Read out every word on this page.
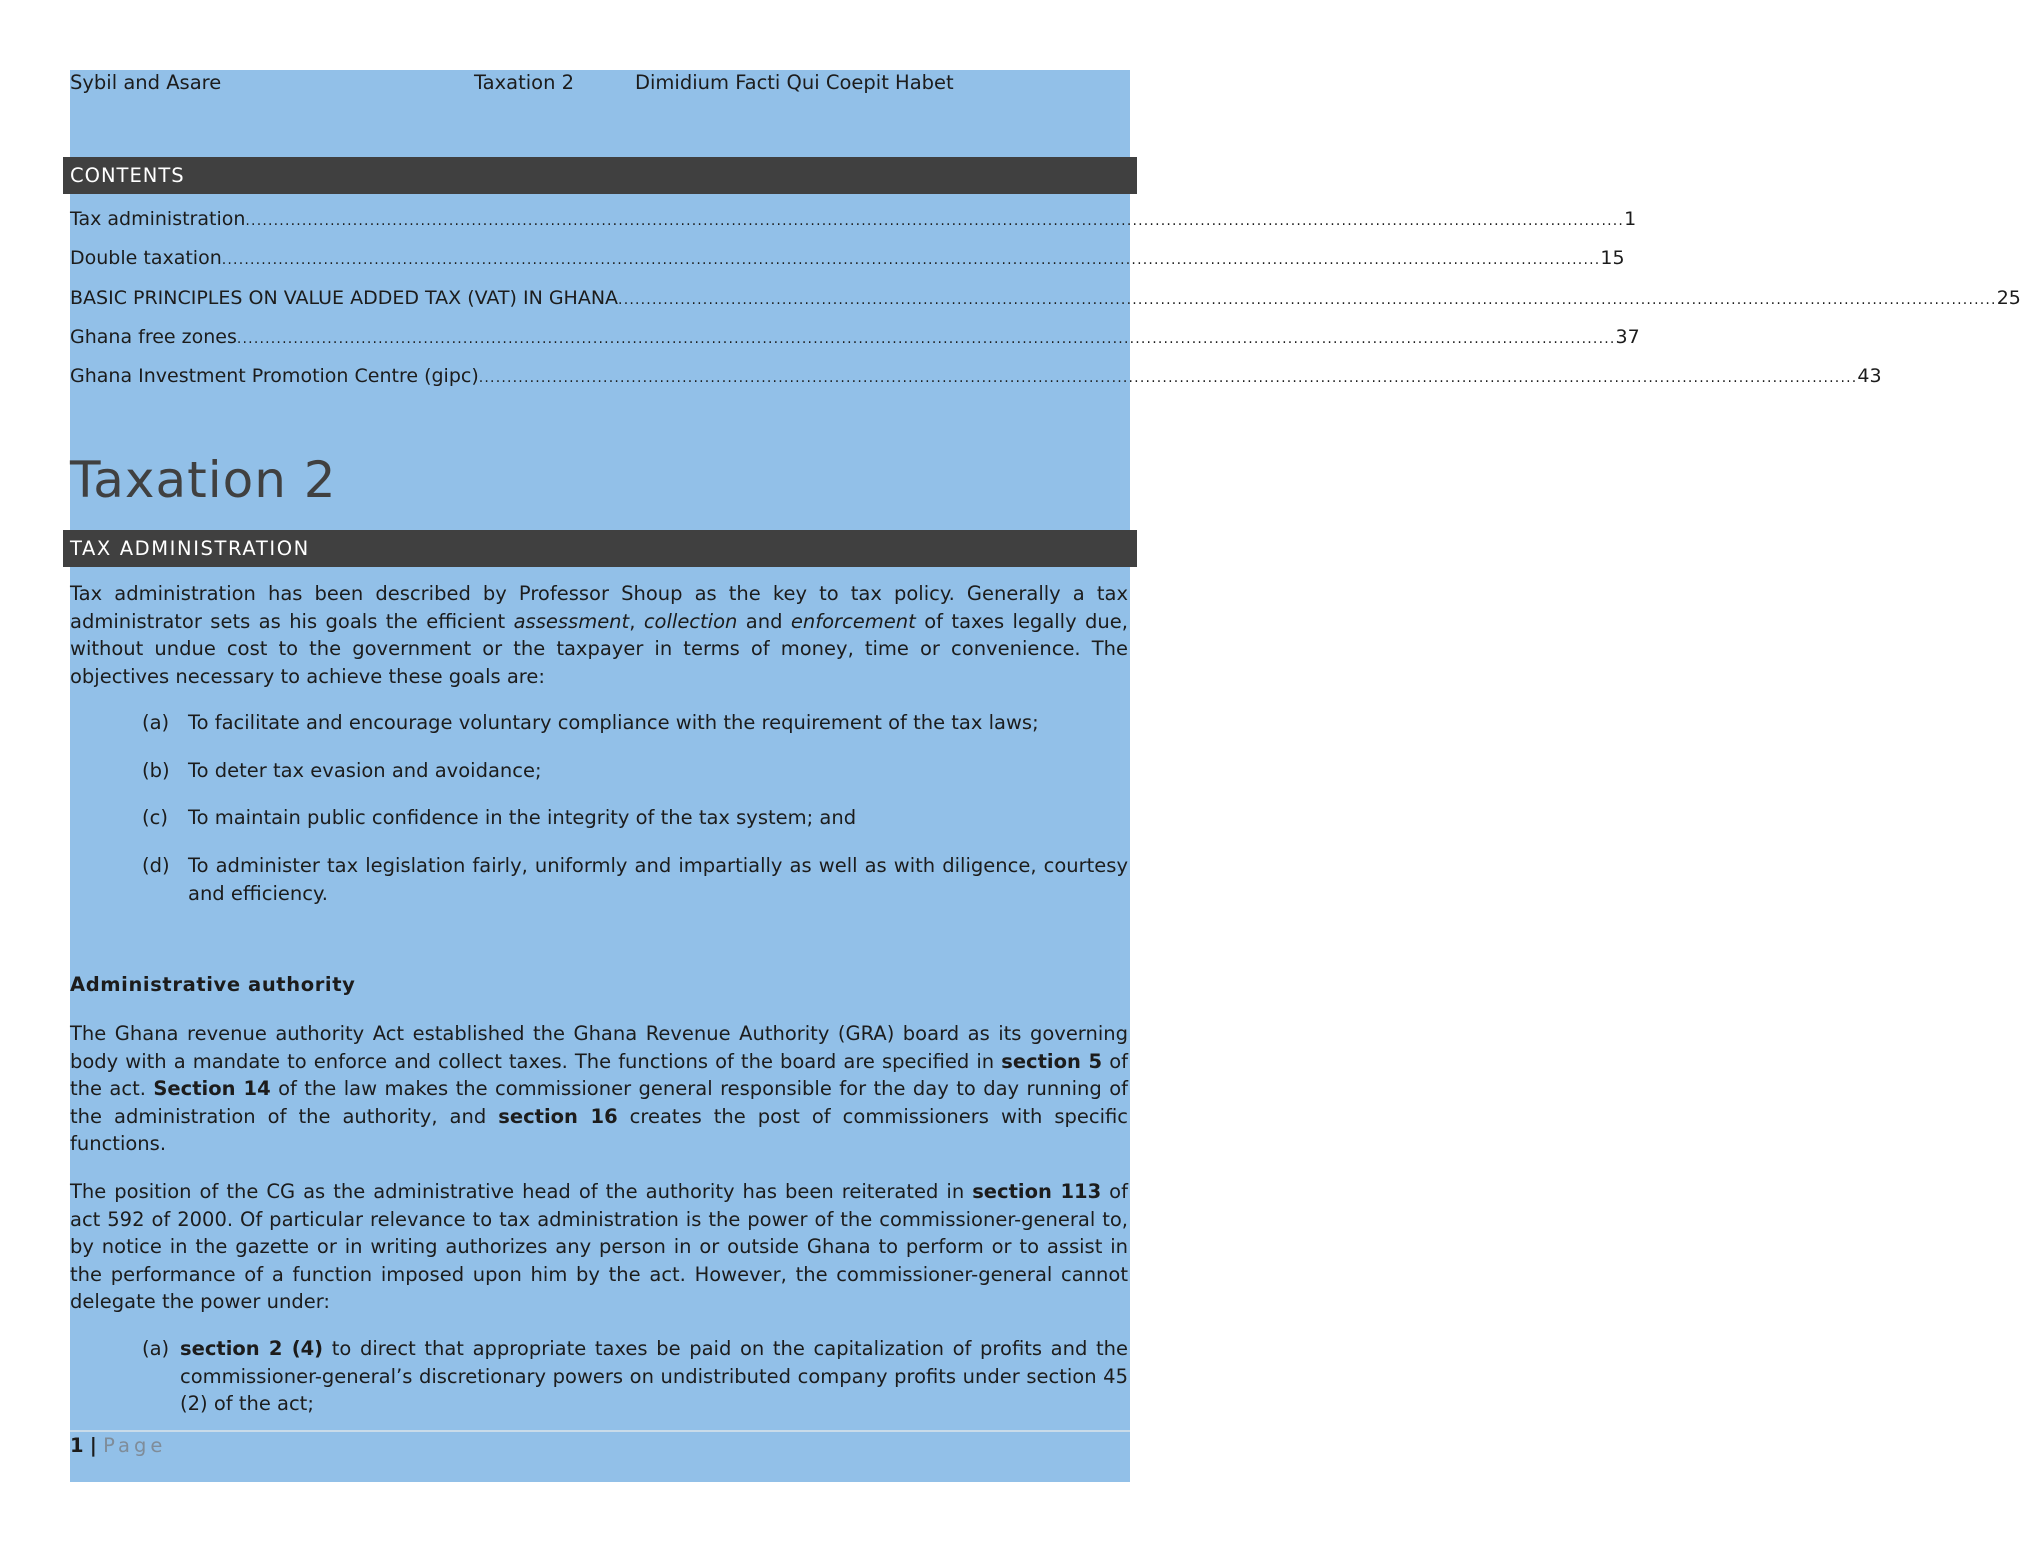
Sybil and Asare	Taxation 2	Dimidium Facti Qui Coepit Habet
CONTENTS
Tax administration .................................................................................................................................................................................................................................................... 1
Double taxation .................................................................................................................................................................................................................................................... 15
BASIC PRINCIPLES ON VALUE ADDED TAX (VAT) IN GHANA .................................................................................................................................................................................................................................................... 25
Ghana free zones .................................................................................................................................................................................................................................................... 37
Ghana Investment Promotion Centre (gipc) .................................................................................................................................................................................................................................................... 43
Taxation 2
TAX ADMINISTRATION

Tax administration has been described by Professor Shoup as the key to tax policy. Generally a tax administrator sets as his goals the efficient assessment, collection and enforcement of taxes legally due, without undue cost to the government or the taxpayer in terms of money, time or convenience. The objectives necessary to achieve these goals are:

(a) To facilitate and encourage voluntary compliance with the requirement of the tax laws;
(b) To deter tax evasion and avoidance;
(c) To maintain public confidence in the integrity of the tax system; and
(d) To administer tax legislation fairly, uniformly and impartially as well as with diligence, courtesy and efficiency.
Administrative authority

The Ghana revenue authority Act established the Ghana Revenue Authority (GRA) board as its governing body with a mandate to enforce and collect taxes. The functions of the board are specified in section 5 of the act. Section 14 of the law makes the commissioner general responsible for the day to day running of the administration of the authority, and section 16 creates the post of commissioners with specific functions.

The position of the CG as the administrative head of the authority has been reiterated in section 113 of act 592 of 2000. Of particular relevance to tax administration is the power of the commissioner-general to, by notice in the gazette or in writing authorizes any person in or outside Ghana to perform or to assist in the performance of a function imposed upon him by the act. However, the commissioner-general cannot delegate the power under:

(a) section 2 (4) to direct that appropriate taxes be paid on the capitalization of profits and the commissioner-general’s discretionary powers on undistributed company profits under section 45 (2) of the act;
1 | Page
